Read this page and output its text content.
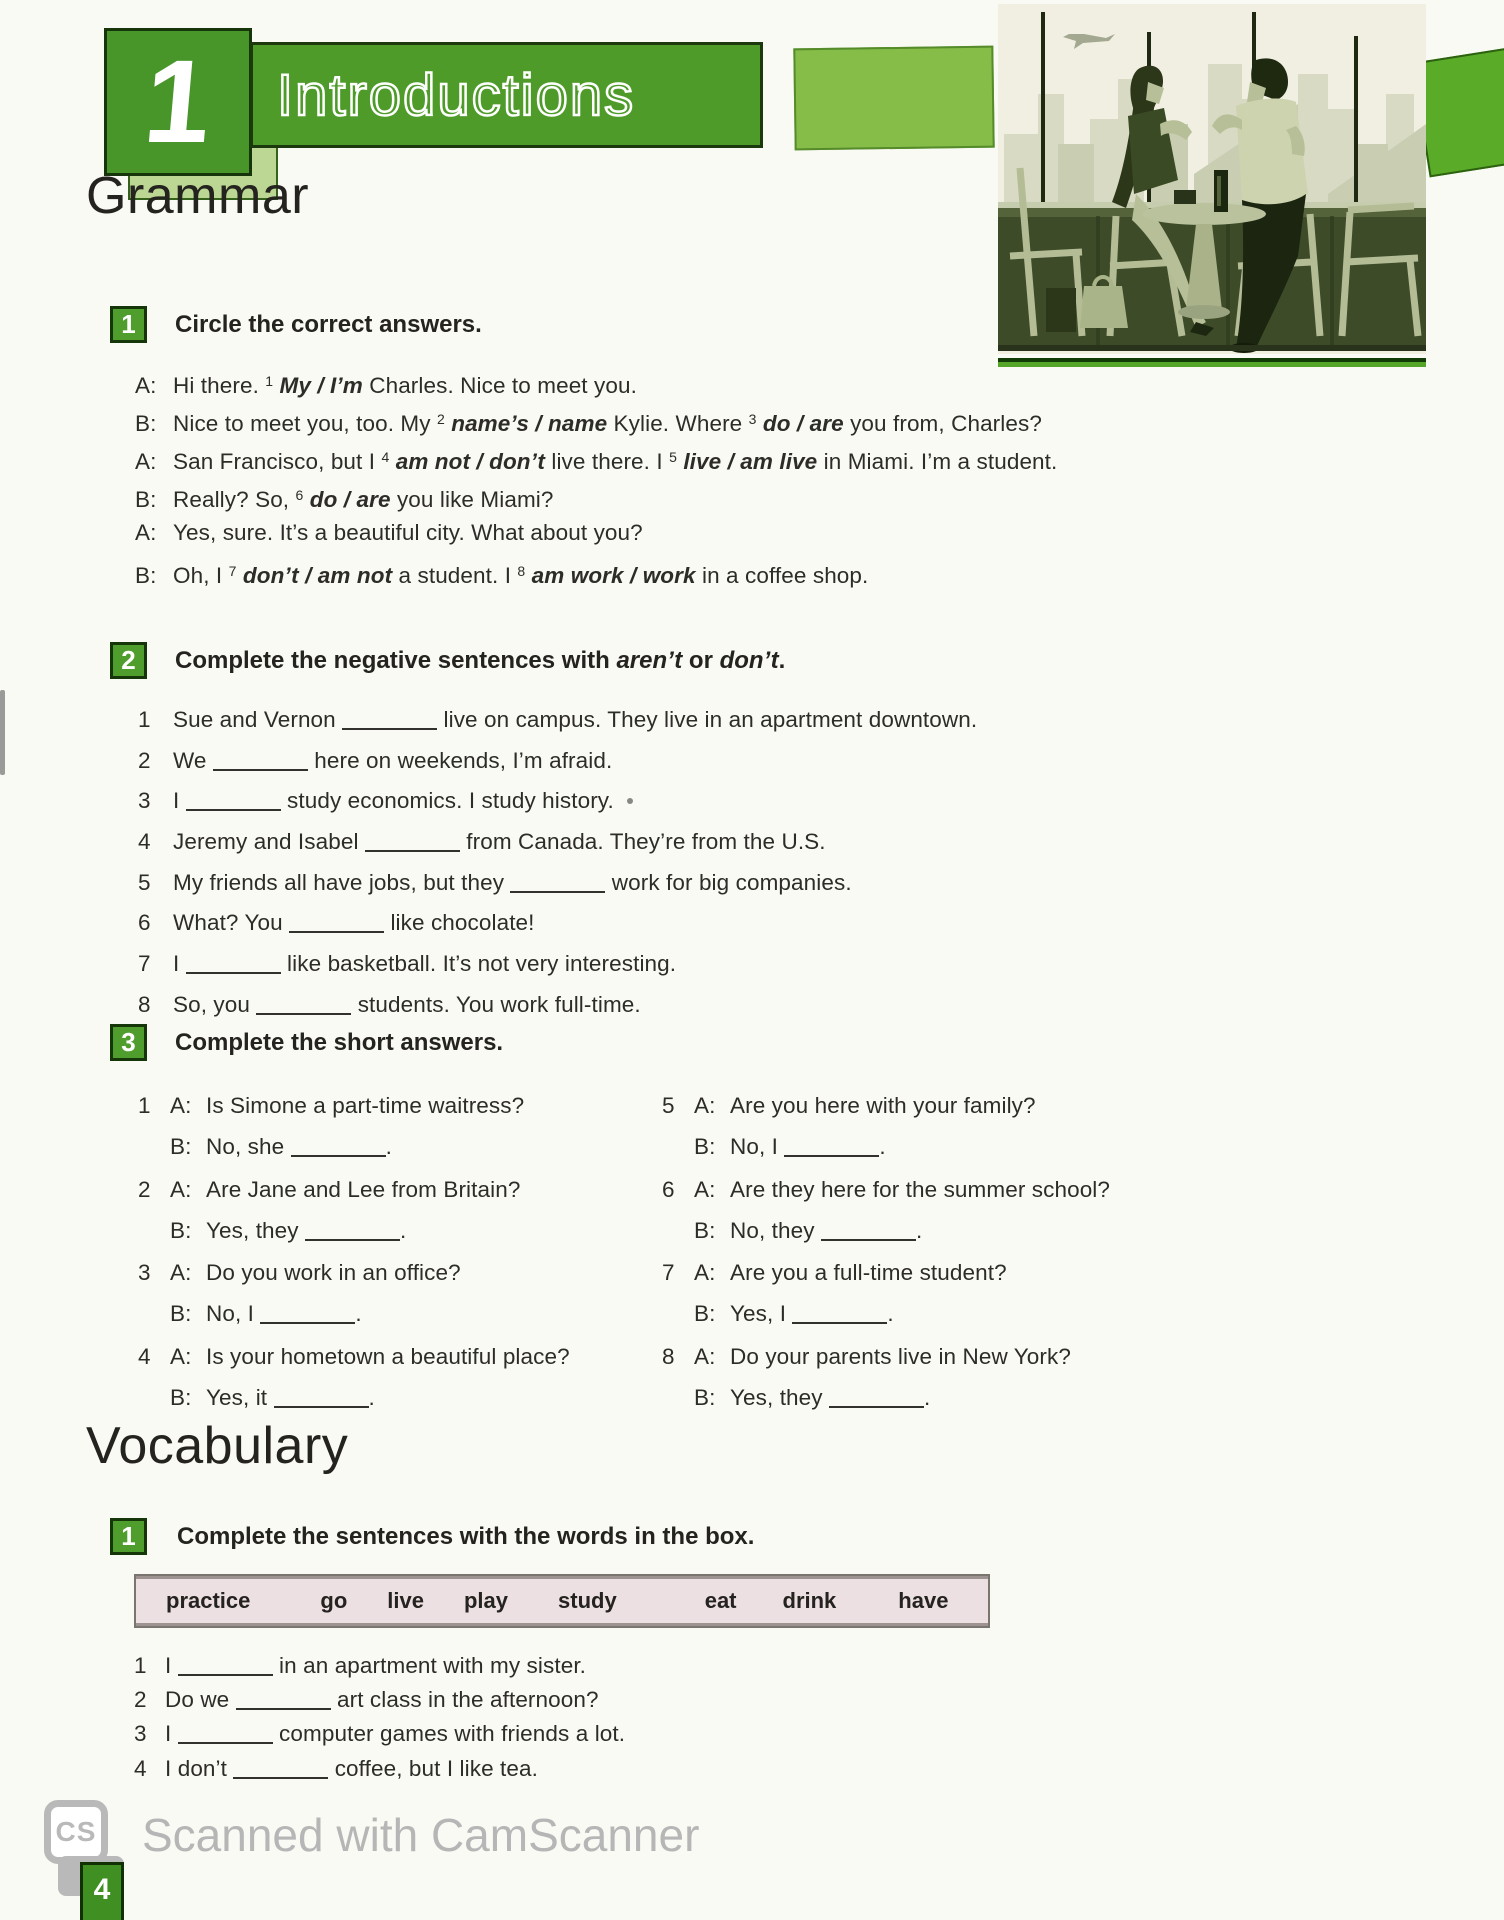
1 Introductions
Grammar
1 Circle the correct answers.
A: Hi there. $^1$ My / I’m Charles. Nice to meet you.
B: Nice to meet you, too. My $^2$ name’s / name Kylie. Where $^3$ do / are you from, Charles?
A: San Francisco, but I $^4$ am not / don’t live there. I $^5$ live / am live in Miami. I’m a student.
B: Really? So, $^6$ do / are you like Miami?
A: Yes, sure. It’s a beautiful city. What about you?
B: Oh, I $^7$ don’t / am not a student. I $^8$ am work / work in a coffee shop.
2 Complete the negative sentences with aren’t or don’t.
1 Sue and Vernon	live on campus. They live in an apartment downtown.
2 We	here on weekends, I’m afraid.
3 I	study economics. I study history.
4 Jeremy and Isabel	from Canada. They’re from the U.S.
5 My friends all have jobs, but they	work for big companies.
6 What? You	like chocolate!
7 I	like basketball. It’s not very interesting.
8 So, you	students. You work full-time.
3 Complete the short answers.
1 A: Is Simone a part-time waitress?
B: No, she	.
2 A: Are Jane and Lee from Britain?
B: Yes, they	.
3 A: Do you work in an office?
B: No, I	.
4 A: Is your hometown a beautiful place?
B: Yes, it	.
5 A: Are you here with your family?
B: No, I	.
6 A: Are they here for the summer school?
B: No, they	.
7 A: Are you a full-time student?
B: Yes, I	.
8 A: Do your parents live in New York?
B: Yes, they	.
Vocabulary
1 Complete the sentences with the words in the box.
practice	go live play study	eat drink	have
1 I	in an apartment with my sister.
2 Do we	art class in the afternoon?
3 I	computer games with friends a lot.
4 I don’t	coffee, but I like tea.
CS Scanned with CamScanner
4
